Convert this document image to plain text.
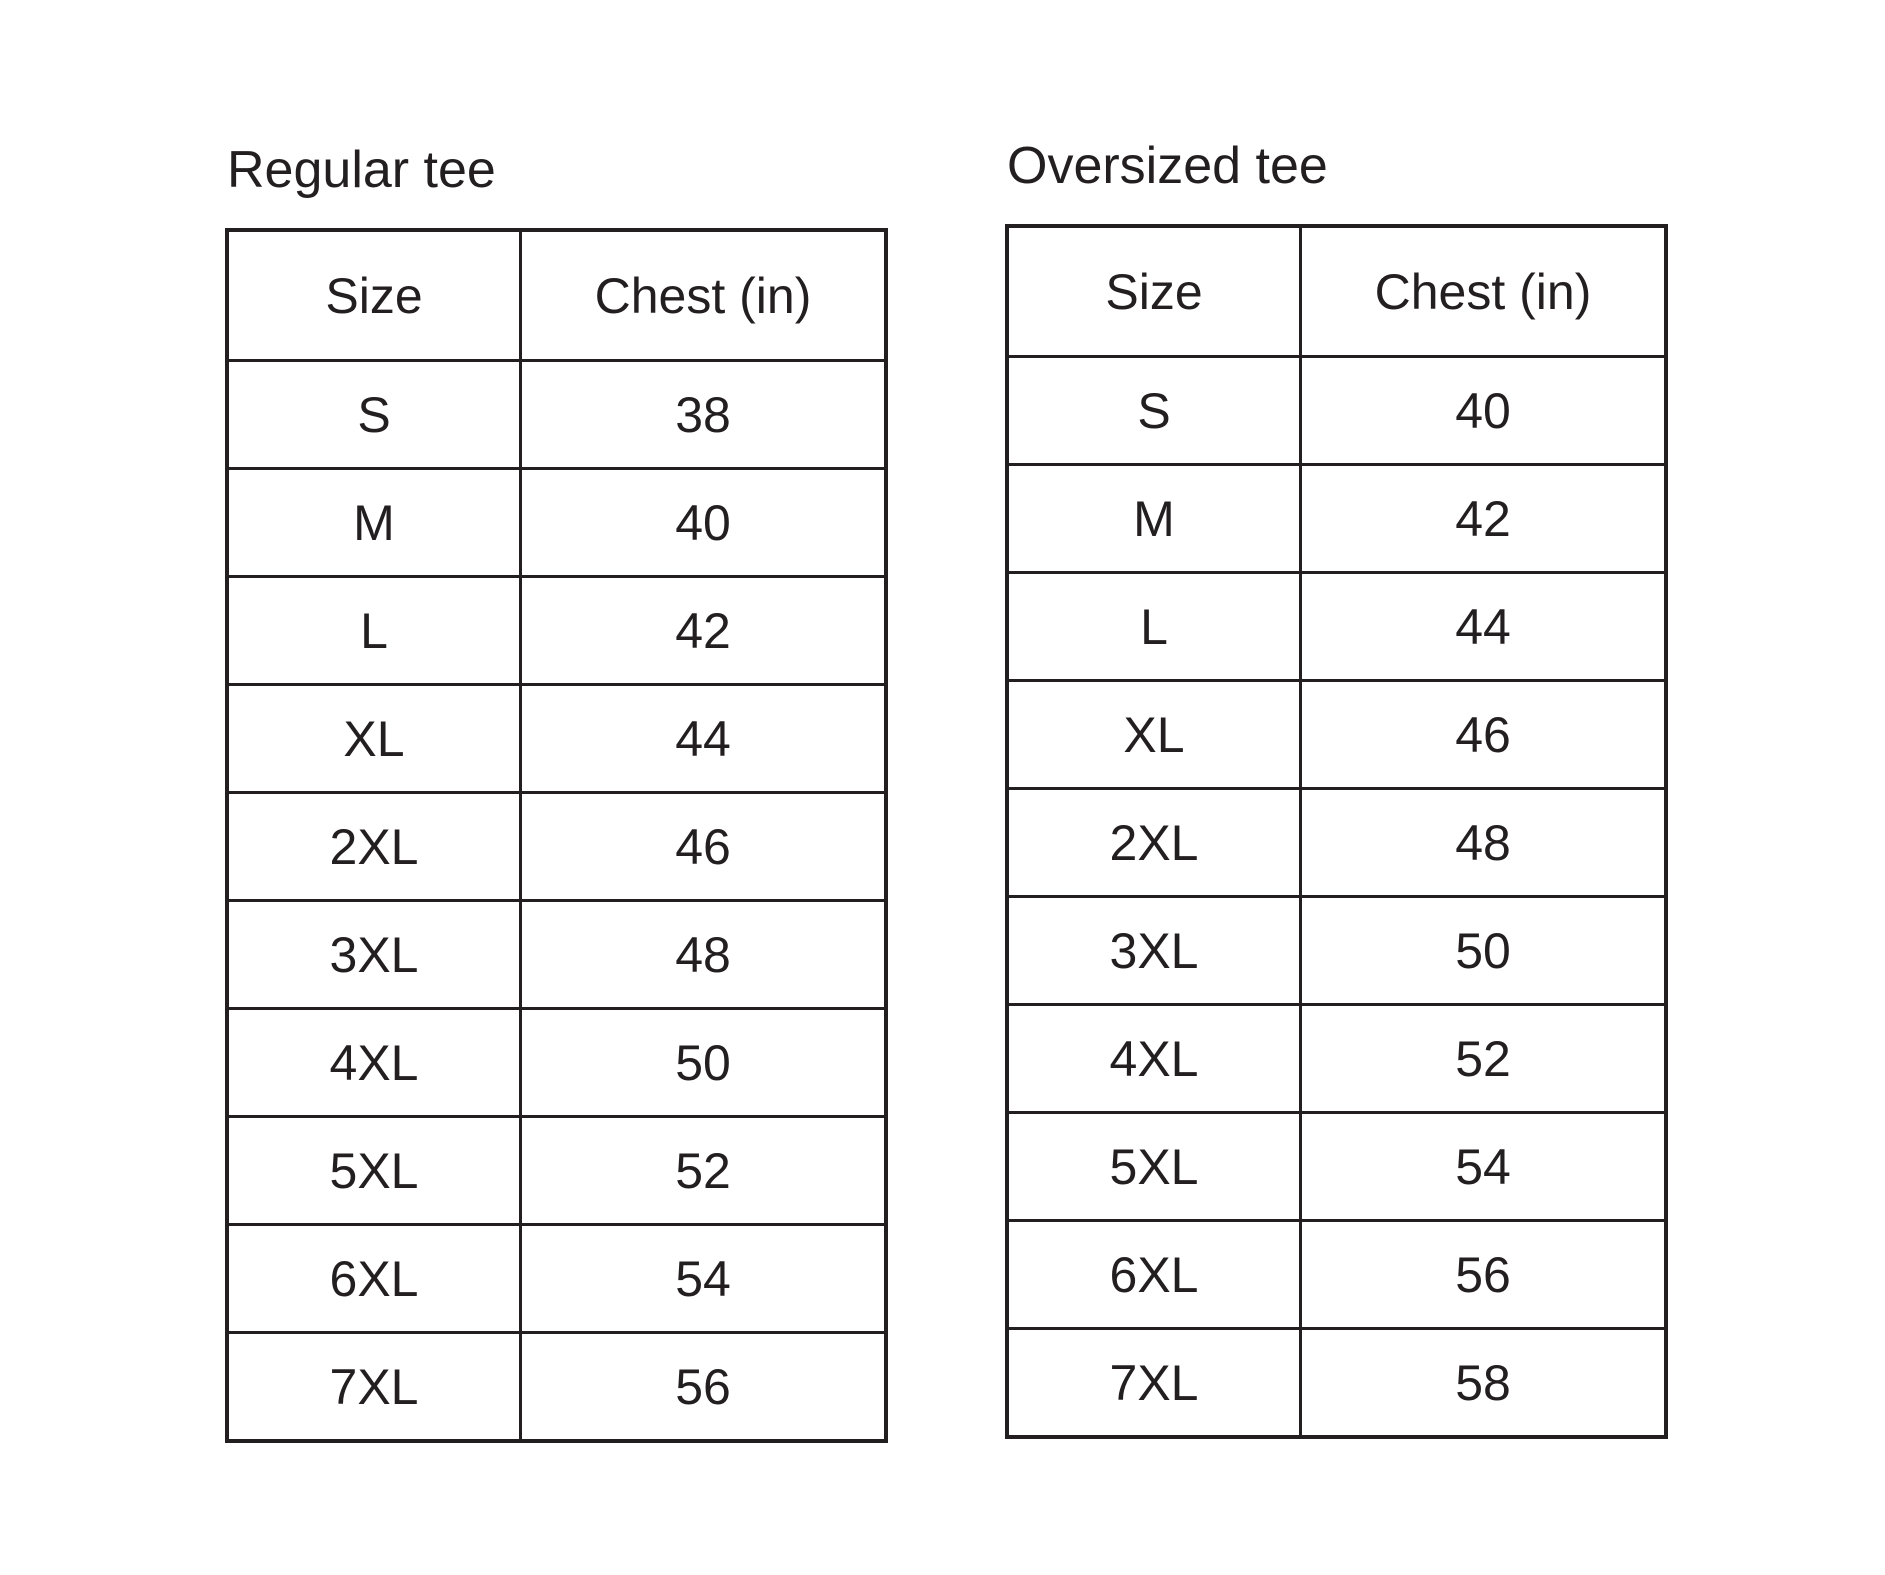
Regular tee
Size	Chest (in)
S	38
M	40
L	42
XL	44
2XL	46
3XL	48
4XL	50
5XL	52
6XL	54
7XL	56
Oversized tee
Size	Chest (in)
S	40
M	42
L	44
XL	46
2XL	48
3XL	50
4XL	52
5XL	54
6XL	56
7XL	58
